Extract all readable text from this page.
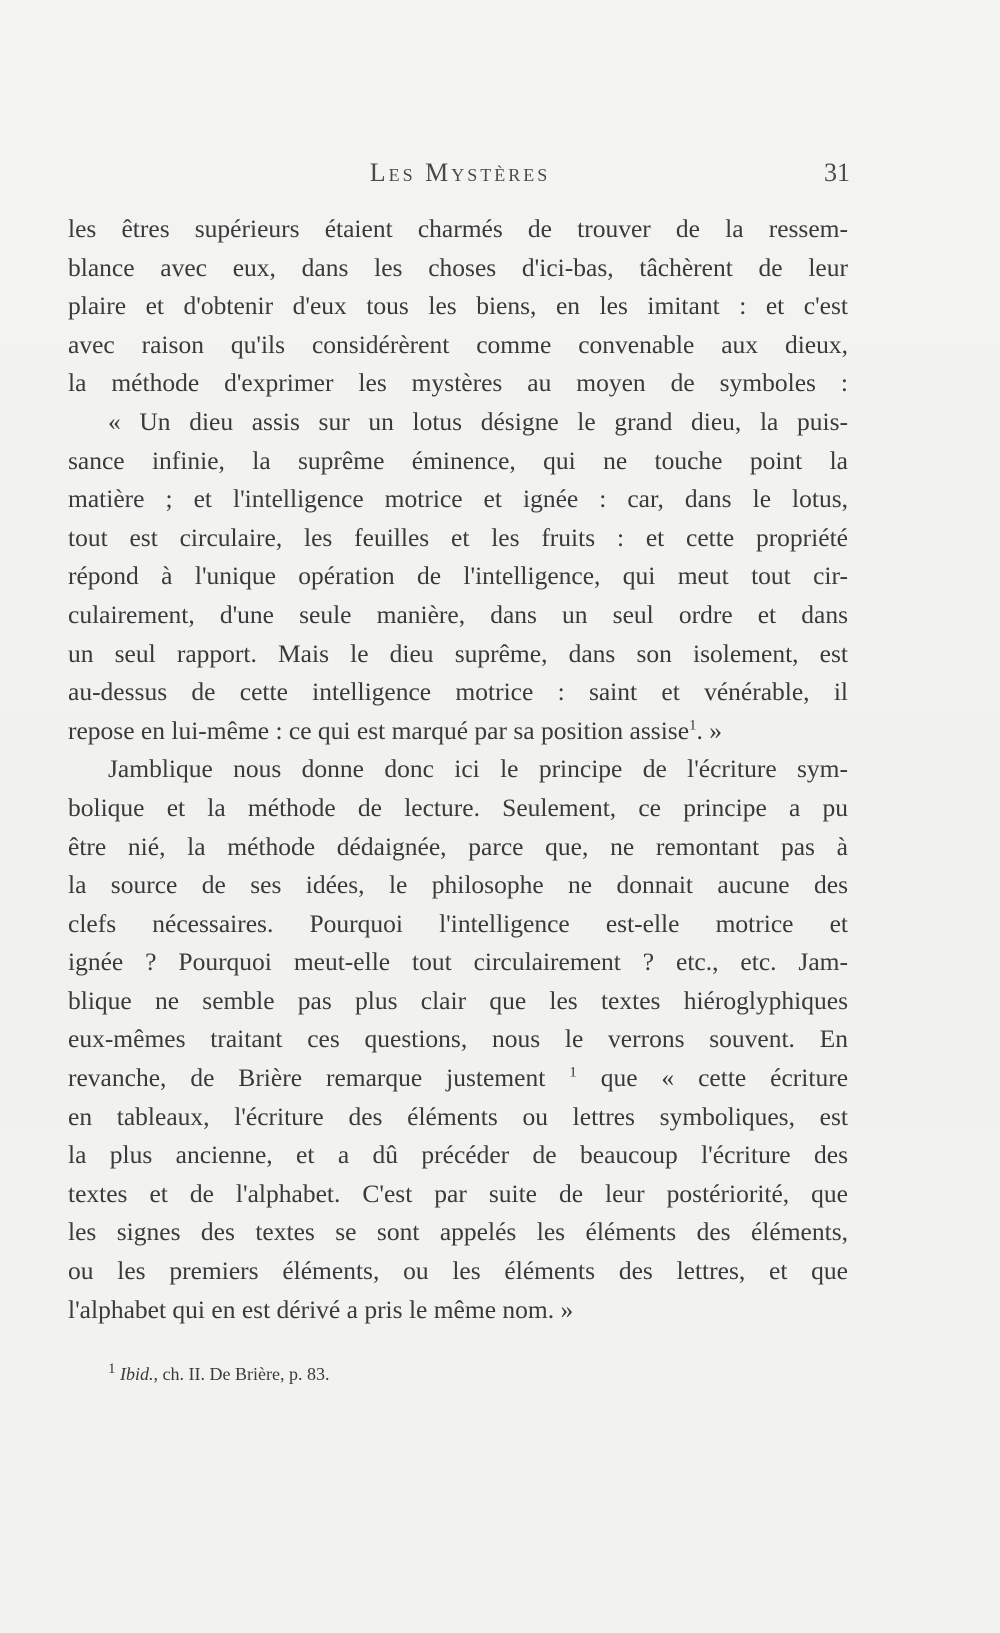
Les Mystères	31
les êtres supérieurs étaient charmés de trouver de la ressem-
blance avec eux, dans les choses d'ici-bas, tâchèrent de leur
plaire et d'obtenir d'eux tous les biens, en les imitant : et c'est
avec raison qu'ils considérèrent comme convenable aux dieux,
la méthode d'exprimer les mystères au moyen de symboles :
« Un dieu assis sur un lotus désigne le grand dieu, la puis-
sance infinie, la suprême éminence, qui ne touche point la
matière ; et l'intelligence motrice et ignée : car, dans le lotus,
tout est circulaire, les feuilles et les fruits : et cette propriété
répond à l'unique opération de l'intelligence, qui meut tout cir-
culairement, d'une seule manière, dans un seul ordre et dans
un seul rapport. Mais le dieu suprême, dans son isolement, est
au-dessus de cette intelligence motrice : saint et vénérable, il
repose en lui-même : ce qui est marqué par sa position assise$^1$. »
Jamblique nous donne donc ici le principe de l'écriture sym-
bolique et la méthode de lecture. Seulement, ce principe a pu
être nié, la méthode dédaignée, parce que, ne remontant pas à
la source de ses idées, le philosophe ne donnait aucune des
clefs nécessaires. Pourquoi l'intelligence est-elle motrice et
ignée ? Pourquoi meut-elle tout circulairement ? etc., etc. Jam-
blique ne semble pas plus clair que les textes hiéroglyphiques
eux-mêmes traitant ces questions, nous le verrons souvent. En
revanche, de Brière remarque justement $^1$ que « cette écriture
en tableaux, l'écriture des éléments ou lettres symboliques, est
la plus ancienne, et a dû précéder de beaucoup l'écriture des
textes et de l'alphabet. C'est par suite de leur postériorité, que
les signes des textes se sont appelés les éléments des éléments,
ou les premiers éléments, ou les éléments des lettres, et que
l'alphabet qui en est dérivé a pris le même nom. »
$^1$ Ibid., ch. II. De Brière, p. 83.
